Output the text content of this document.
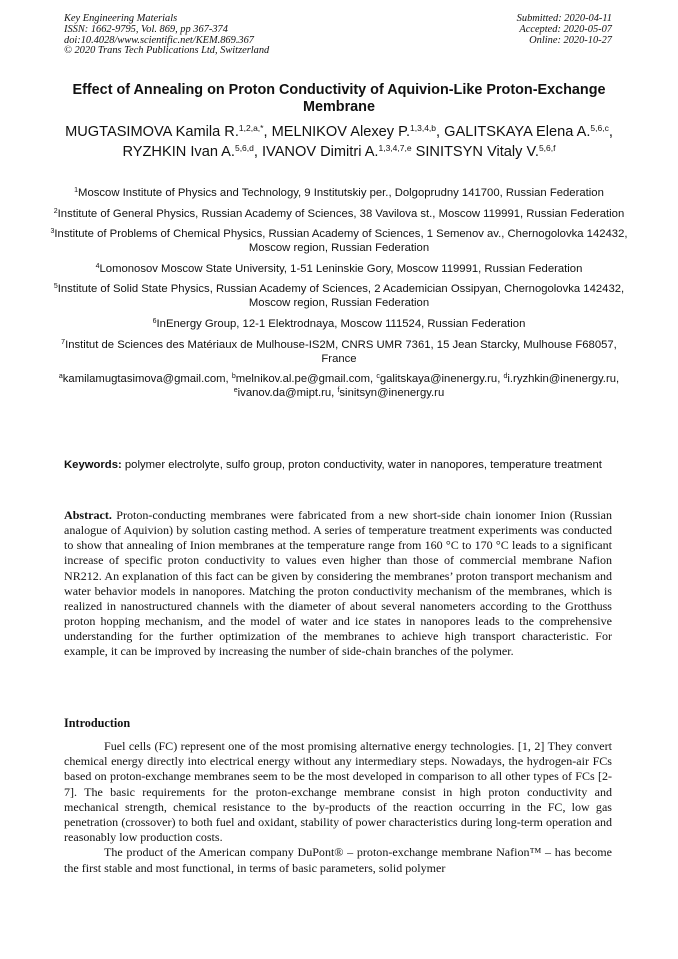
Key Engineering Materials
ISSN: 1662-9795, Vol. 869, pp 367-374
doi:10.4028/www.scientific.net/KEM.869.367
© 2020 Trans Tech Publications Ltd, Switzerland
Submitted: 2020-04-11
Accepted: 2020-05-07
Online: 2020-10-27
Effect of Annealing on Proton Conductivity of Aquivion-Like Proton-Exchange Membrane
MUGTASIMOVA Kamila R.$^{1,2,a,*}$, MELNIKOV Alexey P.$^{1,3,4,b}$, GALITSKAYA Elena A.$^{5,6,c}$, RYZHKIN Ivan A.$^{5,6,d}$, IVANOV Dimitri A.$^{1,3,4,7,e}$ SINITSYN Vitaly V.$^{5,6,f}$
$^1$Moscow Institute of Physics and Technology, 9 Institutskiy per., Dolgoprudny 141700, Russian Federation
$^2$Institute of General Physics, Russian Academy of Sciences, 38 Vavilova st., Moscow 119991, Russian Federation
$^3$Institute of Problems of Chemical Physics, Russian Academy of Sciences, 1 Semenov av., Chernogolovka 142432, Moscow region, Russian Federation
$^4$Lomonosov Moscow State University, 1-51 Leninskie Gory, Moscow 119991, Russian Federation
$^5$Institute of Solid State Physics, Russian Academy of Sciences, 2 Academician Ossipyan, Chernogolovka 142432, Moscow region, Russian Federation
$^6$InEnergy Group, 12-1 Elektrodnaya, Moscow 111524, Russian Federation
$^7$Institut de Sciences des Matériaux de Mulhouse-IS2M, CNRS UMR 7361, 15 Jean Starcky, Mulhouse F68057, France
$^a$kamilamugtasimova@gmail.com, $^b$melnikov.al.pe@gmail.com, $^c$galitskaya@inenergy.ru, $^d$i.ryzhkin@inenergy.ru, $^e$ivanov.da@mipt.ru, $^f$sinitsyn@inenergy.ru
Keywords: polymer electrolyte, sulfo group, proton conductivity, water in nanopores, temperature treatment
Abstract. Proton-conducting membranes were fabricated from a new short-side chain ionomer Inion (Russian analogue of Aquivion) by solution casting method. A series of temperature treatment experiments was conducted to show that annealing of Inion membranes at the temperature range from 160 °C to 170 °C leads to a significant increase of specific proton conductivity to values even higher than those of commercial membrane Nafion NR212. An explanation of this fact can be given by considering the membranes’ proton transport mechanism and water behavior models in nanopores. Matching the proton conductivity mechanism of the membranes, which is realized in nanostructured channels with the diameter of about several nanometers according to the Grotthuss proton hopping mechanism, and the model of water and ice states in nanopores leads to the comprehensive understanding for the further optimization of the membranes to achieve high transport characteristic. For example, it can be improved by increasing the number of side-chain branches of the polymer.
Introduction

Fuel cells (FC) represent one of the most promising alternative energy technologies. [1, 2] They convert chemical energy directly into electrical energy without any intermediary steps. Nowadays, the hydrogen-air FCs based on proton-exchange membranes seem to be the most developed in comparison to all other types of FCs [2-7]. The basic requirements for the proton-exchange membrane consist in high proton conductivity and mechanical strength, chemical resistance to the by-products of the reaction occurring in the FC, low gas penetration (crossover) to both fuel and oxidant, stability of power characteristics during long-term operation and reasonably low production costs.

The product of the American company DuPont® – proton-exchange membrane Nafion™ – has become the first stable and most functional, in terms of basic parameters, solid polymer
